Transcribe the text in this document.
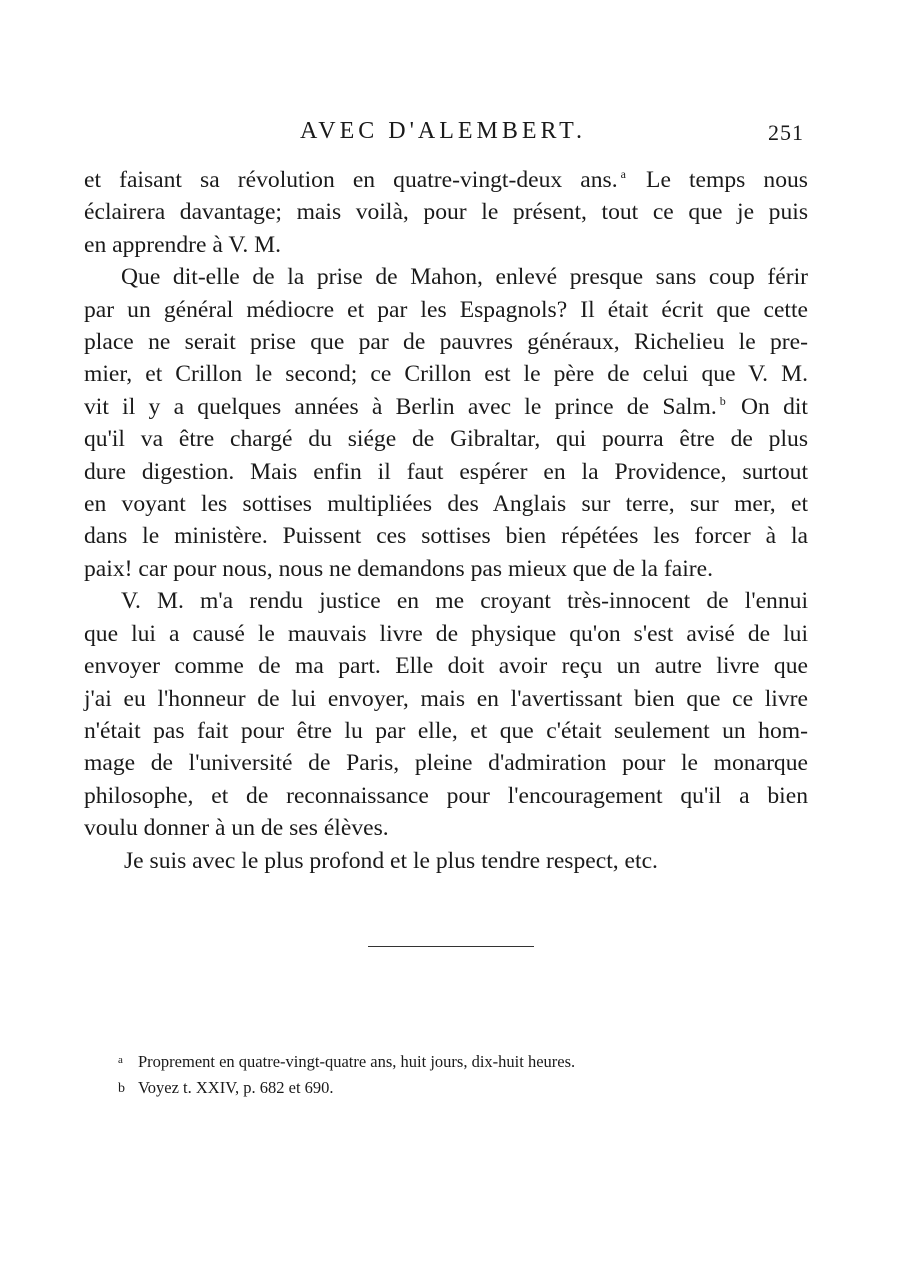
AVEC D'ALEMBERT.	251

et faisant sa révolution en quatre-vingt-deux ans. $^a$ Le temps nous
éclairera davantage; mais voilà, pour le présent, tout ce que je puis
en apprendre à V. M.

Que dit-elle de la prise de Mahon, enlevé presque sans coup férir
par un général médiocre et par les Espagnols? Il était écrit que cette
place ne serait prise que par de pauvres généraux, Richelieu le pre-
mier, et Crillon le second; ce Crillon est le père de celui que V. M.
vit il y a quelques années à Berlin avec le prince de Salm. $^b$ On dit
qu'il va être chargé du siége de Gibraltar, qui pourra être de plus
dure digestion. Mais enfin il faut espérer en la Providence, surtout
en voyant les sottises multipliées des Anglais sur terre, sur mer, et
dans le ministère. Puissent ces sottises bien répétées les forcer à la
paix! car pour nous, nous ne demandons pas mieux que de la faire.

V. M. m'a rendu justice en me croyant très-innocent de l'ennui
que lui a causé le mauvais livre de physique qu'on s'est avisé de lui
envoyer comme de ma part. Elle doit avoir reçu un autre livre que
j'ai eu l'honneur de lui envoyer, mais en l'avertissant bien que ce livre
n'était pas fait pour être lu par elle, et que c'était seulement un hom-
mage de l'université de Paris, pleine d'admiration pour le monarque
philosophe, et de reconnaissance pour l'encouragement qu'il a bien
voulu donner à un de ses élèves.

Je suis avec le plus profond et le plus tendre respect, etc.

a Proprement en quatre-vingt-quatre ans, huit jours, dix-huit heures.
b Voyez t. XXIV, p. 682 et 690.
